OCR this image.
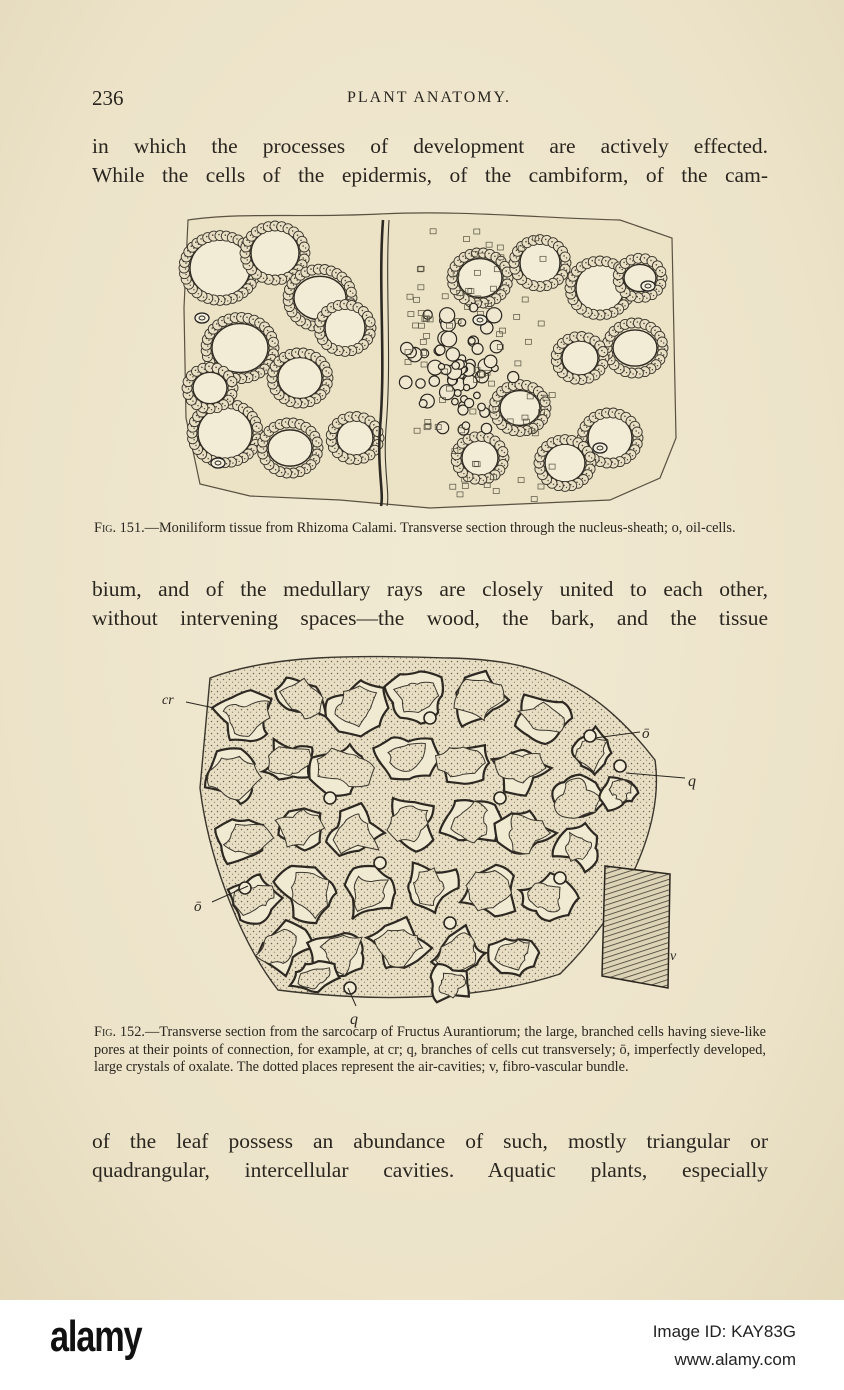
236	PLANT ANATOMY.

in which the processes of development are actively effected.

While the cells of the epidermis, of the cambiform, of the cam-

Fig. 151.—Moniliform tissue from Rhizoma Calami. Transverse section through the nucleus-sheath; o, oil-cells.

bium, and of the medullary rays are closely united to each other,

without intervening spaces—the wood, the bark, and the tissue

cr
ō
q
ō
q
v
Fig. 152.—Transverse section from the sarcocarp of Fructus Aurantiorum; the large, branched cells having sieve-like pores at their points of connection, for example, at cr; q, branches of cells cut transversely; ō, imperfectly developed, large crystals of oxalate. The dotted places represent the air-cavities; v, fibro-vascular bundle.

of the leaf possess an abundance of such, mostly triangular or

quadrangular, intercellular cavities. Aquatic plants, especially

alamy	Image ID: KAY83G
www.alamy.com
